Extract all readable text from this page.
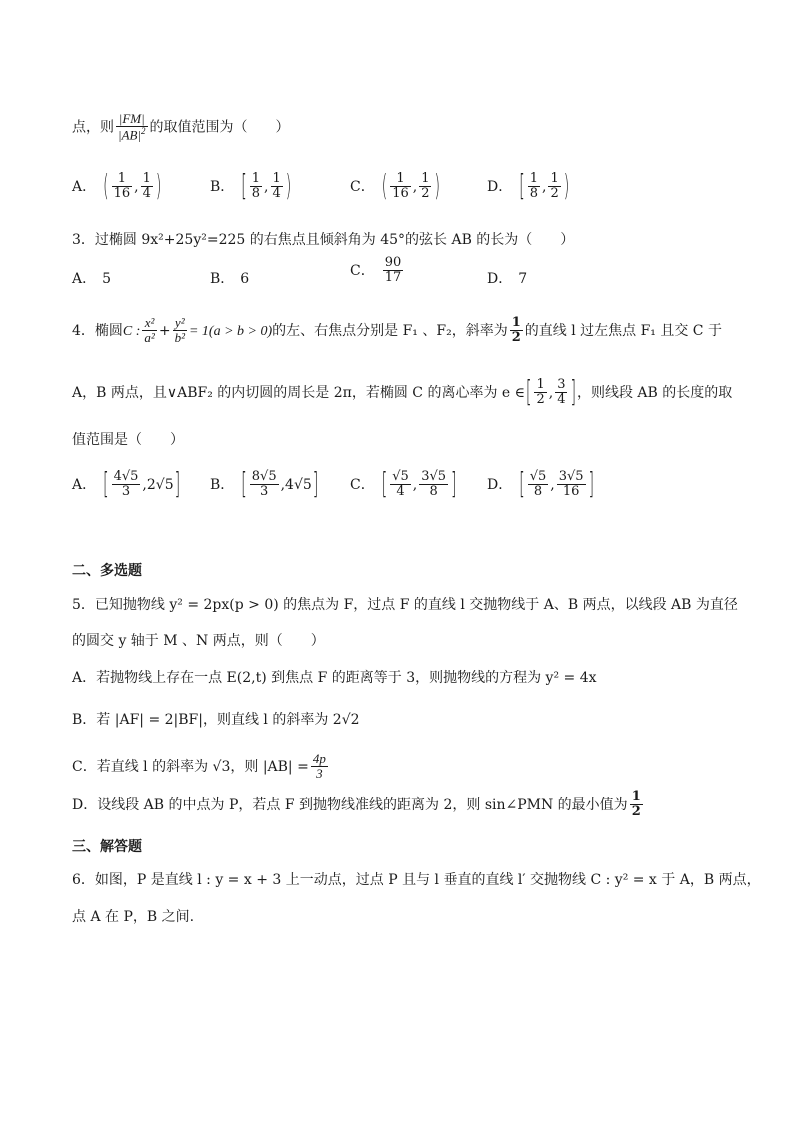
点，则 $\frac{|FM|}{|AB|^2}$ 的取值范围为（　　）
A． ( $\frac{1}{16}$ , $\frac{1}{4}$ )	B． [ $\frac{1}{8}$ , $\frac{1}{4}$ )	C． ( $\frac{1}{16}$ , $\frac{1}{2}$ )	D． [ $\frac{1}{8}$ , $\frac{1}{2}$ )
3．过椭圆 9x²+25y²=225 的右焦点且倾斜角为 45°的弦长 AB 的长为（　　）
A． 5	B． 6
C． $\frac{90}{17}$	D． 7
4．椭圆C : $\frac{\text{x²}}{\text{a²}} + \frac{\text{y²}}{\text{b²}} = 1(a > b > 0)$的左、右焦点分别是 F₁ 、F₂，斜率为 $\frac{1}{2}$ 的直线 l 过左焦点 F₁ 且交 C 于
A，B 两点，且∨ABF₂ 的内切圆的周长是 2π，若椭圆 C 的离心率为 e ∈[ $\frac{1}{2}$ , $\frac{3}{4}$ ]，则线段 AB 的长度的取
值范围是（　　）
A． [ $\frac{4√5}{3} ,2√5$] B． [ $\frac{8√5}{3} ,4√5$] C． [ $\frac{√5}{4}$ , $\frac{3√5}{8}$ ] D． [ $\frac{√5}{8}$ , $\frac{3√5}{16}$ ]
二、多选题
5．已知抛物线 y² = 2px(p > 0) 的焦点为 F，过点 F 的直线 l 交抛物线于 A、B 两点，以线段 AB 为直径
的圆交 y 轴于 M 、N 两点，则（　　）
A．若抛物线上存在一点 E(2,t) 到焦点 F 的距离等于 3，则抛物线的方程为 y² = 4x
B．若 |AF| = 2|BF|，则直线 l 的斜率为 2√2
C．若直线 l 的斜率为 √3，则 $|AB| = \frac{4p}{3}$
D．设线段 AB 的中点为 P，若点 F 到抛物线准线的距离为 2，则 sin∠PMN 的最小值为 $\frac{1}{2}$
三、解答题
6．如图，P 是直线 l : y = x + 3 上一动点，过点 P 且与 l 垂直的直线 l′ 交抛物线 C : y² = x 于 A，B 两点，
点 A 在 P，B 之间.
